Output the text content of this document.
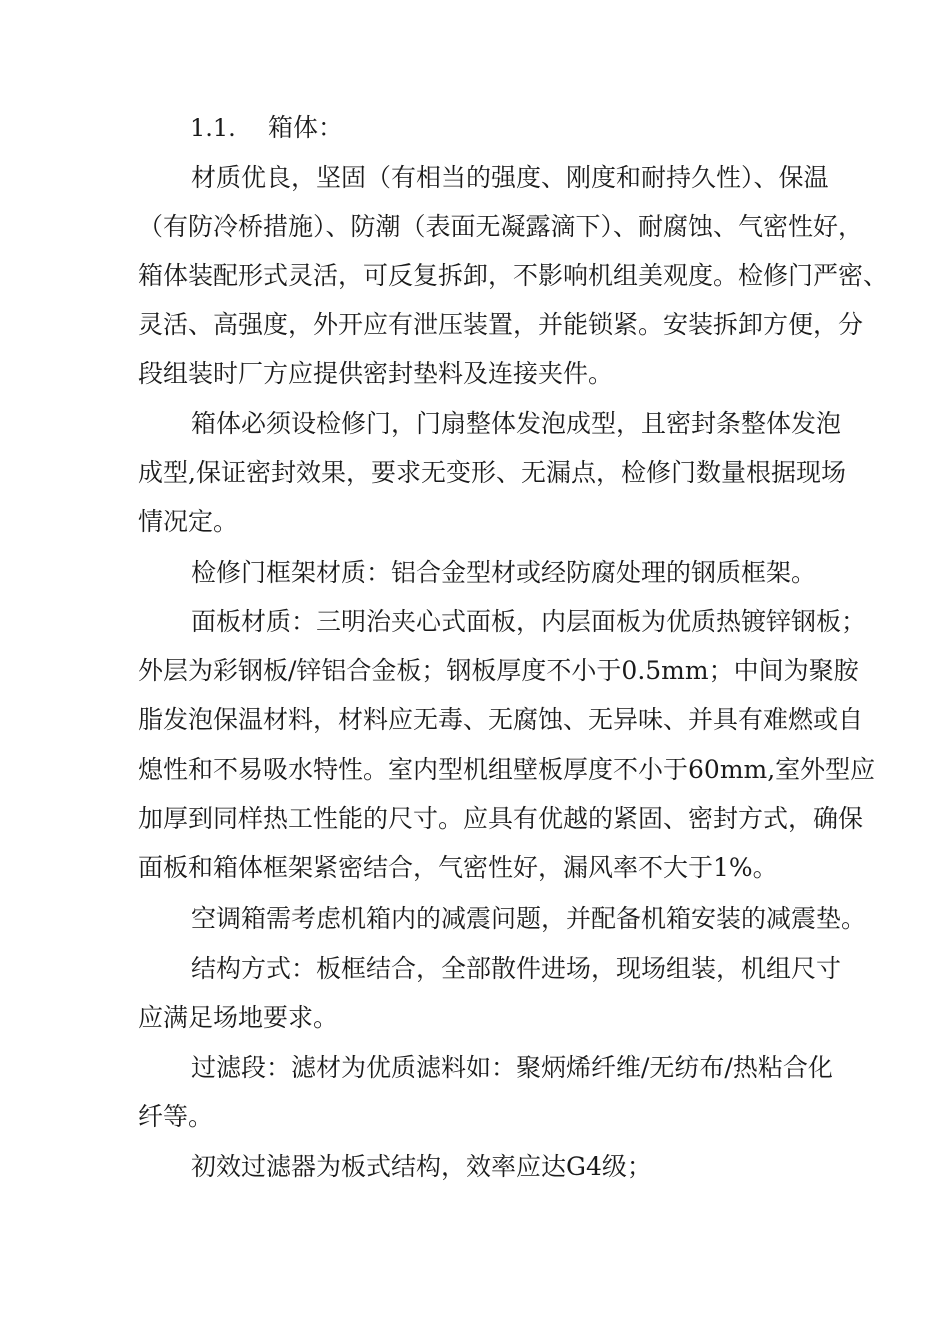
1.1. 箱体：
材质优良，坚固（有相当的强度、刚度和耐持久性）、保温
（有防冷桥措施）、防潮（表面无凝露滴下）、耐腐蚀、气密性好，
箱体装配形式灵活，可反复拆卸，不影响机组美观度。检修门严密、
灵活、高强度，外开应有泄压装置，并能锁紧。安装拆卸方便，分
段组装时厂方应提供密封垫料及连接夹件。
箱体必须设检修门，门扇整体发泡成型，且密封条整体发泡
成型,保证密封效果，要求无变形、无漏点，检修门数量根据现场
情况定。
检修门框架材质：铝合金型材或经防腐处理的钢质框架。
面板材质：三明治夹心式面板，内层面板为优质热镀锌钢板；
外层为彩钢板/锌铝合金板；钢板厚度不小于0.5mm；中间为聚胺
脂发泡保温材料，材料应无毒、无腐蚀、无异味、并具有难燃或自
熄性和不易吸水特性。室内型机组壁板厚度不小于60mm,室外型应
加厚到同样热工性能的尺寸。应具有优越的紧固、密封方式，确保
面板和箱体框架紧密结合，气密性好，漏风率不大于1%。
空调箱需考虑机箱内的减震问题，并配备机箱安装的减震垫。
结构方式：板框结合，全部散件进场，现场组装，机组尺寸
应满足场地要求。
过滤段：滤材为优质滤料如：聚炳烯纤维/无纺布/热粘合化
纤等。
初效过滤器为板式结构，效率应达G4级；
